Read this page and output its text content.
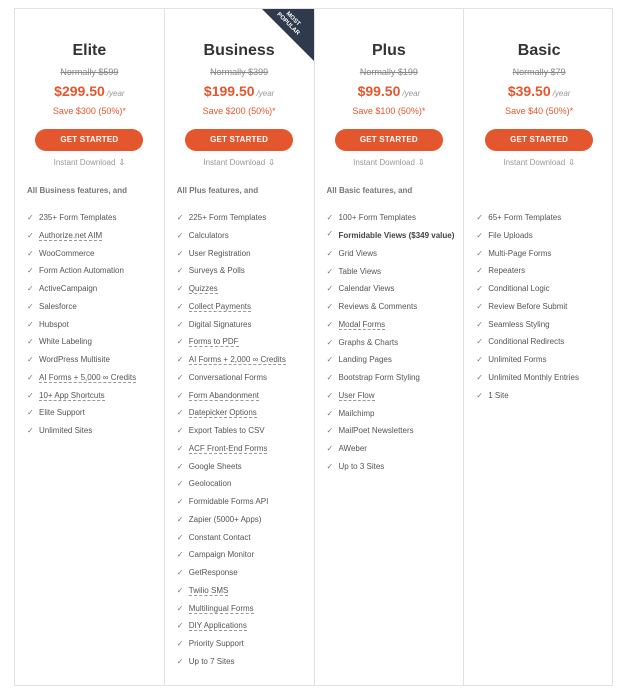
Elite
Normally $599
$299.50 /year
Save $300 (50%)*
GET STARTED
Instant Download ⇩
All Business features, and
✓ 235+ Form Templates
✓ Authorize.net AIM
✓ WooCommerce
✓ Form Action Automation
✓ ActiveCampaign
✓ Salesforce
✓ Hubspot
✓ White Labeling
✓ WordPress Multisite
✓ AI Forms + 5,000 ∞ Credits
✓ 10+ App Shortcuts
✓ Elite Support
✓ Unlimited Sites
MOST POPULAR
Business
Normally $399
$199.50 /year
Save $200 (50%)*
GET STARTED
Instant Download ⇩
All Plus features, and
✓ 225+ Form Templates
✓ Calculators
✓ User Registration
✓ Surveys & Polls
✓ Quizzes
✓ Collect Payments
✓ Digital Signatures
✓ Forms to PDF
✓ AI Forms + 2,000 ∞ Credits
✓ Conversational Forms
✓ Form Abandonment
✓ Datepicker Options
✓ Export Tables to CSV
✓ ACF Front-End Forms
✓ Google Sheets
✓ Geolocation
✓ Formidable Forms API
✓ Zapier (5000+ Apps)
✓ Constant Contact
✓ Campaign Monitor
✓ GetResponse
✓ Twilio SMS
✓ Multilingual Forms
✓ DIY Applications
✓ Priority Support
✓ Up to 7 Sites
Plus
Normally $199
$99.50 /year
Save $100 (50%)*
GET STARTED
Instant Download ⇩
All Basic features, and
✓ 100+ Form Templates
✓ Formidable Views ($349 value)
✓ Grid Views
✓ Table Views
✓ Calendar Views
✓ Reviews & Comments
✓ Modal Forms
✓ Graphs & Charts
✓ Landing Pages
✓ Bootstrap Form Styling
✓ User Flow
✓ Mailchimp
✓ MailPoet Newsletters
✓ AWeber
✓ Up to 3 Sites
Basic
Normally $79
$39.50 /year
Save $40 (50%)*
GET STARTED
Instant Download ⇩
✓ 65+ Form Templates
✓ File Uploads
✓ Multi-Page Forms
✓ Repeaters
✓ Conditional Logic
✓ Review Before Submit
✓ Seamless Styling
✓ Conditional Redirects
✓ Unlimited Forms
✓ Unlimited Monthly Entries
✓ 1 Site
